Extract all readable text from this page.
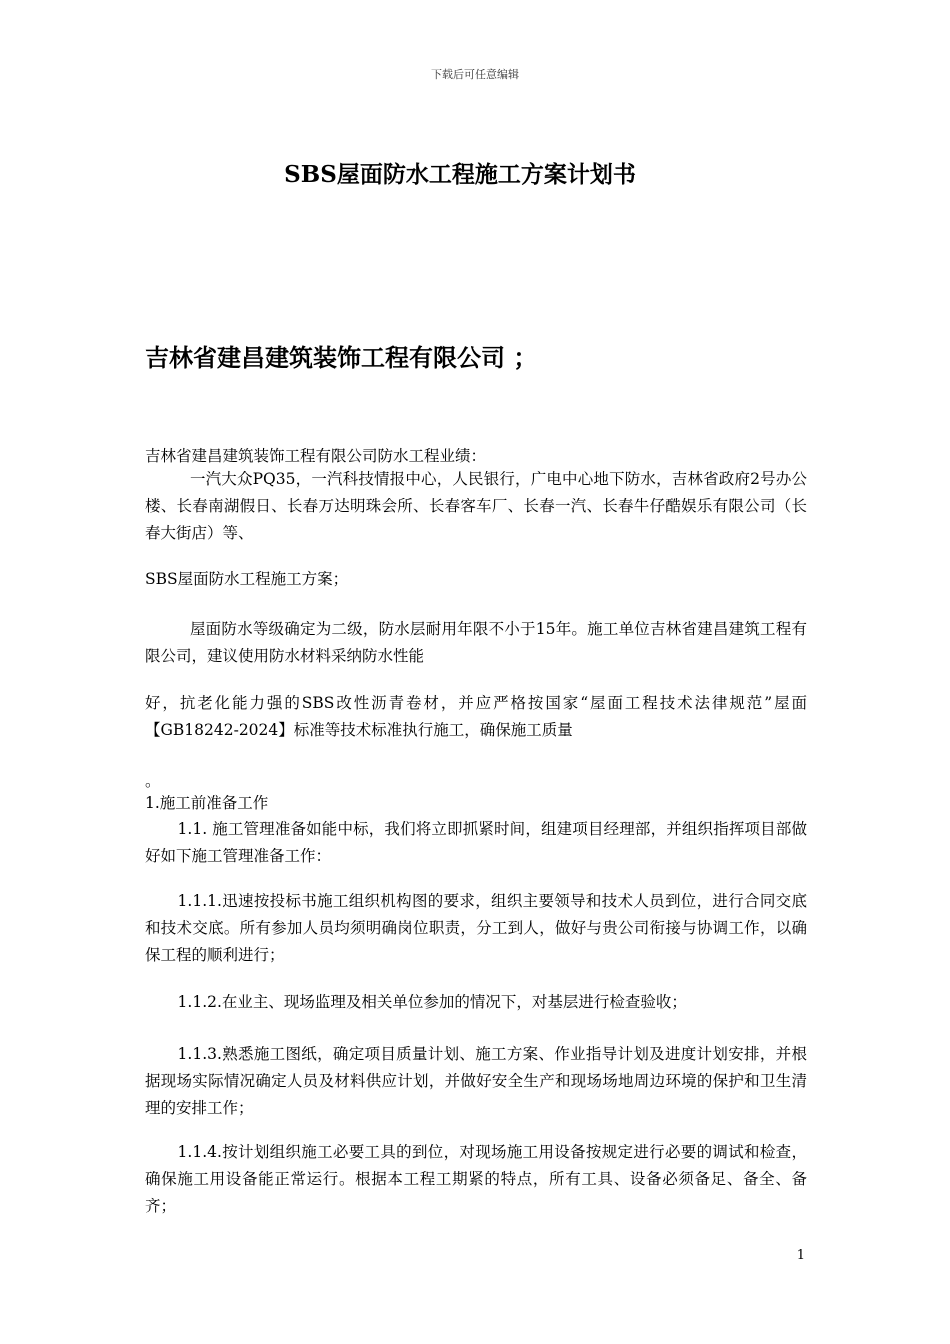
下载后可任意编辑
SBS屋面防水工程施工方案计划书
吉林省建昌建筑装饰工程有限公司 ；

吉林省建昌建筑装饰工程有限公司防水工程业绩：

一汽大众PQ35，一汽科技情报中心，人民银行，广电中心地下防水，吉林省政府2号办公楼、长春南湖假日、长春万达明珠会所、长春客车厂、长春一汽、长春牛仔酷娱乐有限公司（长春大街店）等、

SBS屋面防水工程施工方案；

屋面防水等级确定为二级，防水层耐用年限不小于15年。施工单位吉林省建昌建筑工程有限公司，建议使用防水材料采纳防水性能

好，抗老化能力强的SBS改性沥青卷材，并应严格按国家“屋面工程技术法律规范”屋面【GB18242-2024】标准等技术标准执行施工，确保施工质量

。

1.施工前准备工作

1.1. 施工管理准备如能中标，我们将立即抓紧时间，组建项目经理部，并组织指挥项目部做好如下施工管理准备工作：

1.1.1.迅速按投标书施工组织机构图的要求，组织主要领导和技术人员到位，进行合同交底和技术交底。所有参加人员均须明确岗位职责，分工到人，做好与贵公司衔接与协调工作，以确保工程的顺利进行；

1.1.2.在业主、现场监理及相关单位参加的情况下，对基层进行检查验收；

1.1.3.熟悉施工图纸，确定项目质量计划、施工方案、作业指导计划及进度计划安排，并根据现场实际情况确定人员及材料供应计划，并做好安全生产和现场场地周边环境的保护和卫生清理的安排工作；

1.1.4.按计划组织施工必要工具的到位，对现场施工用设备按规定进行必要的调试和检查，确保施工用设备能正常运行。根据本工程工期紧的特点，所有工具、设备必须备足、备全、备齐；

1
